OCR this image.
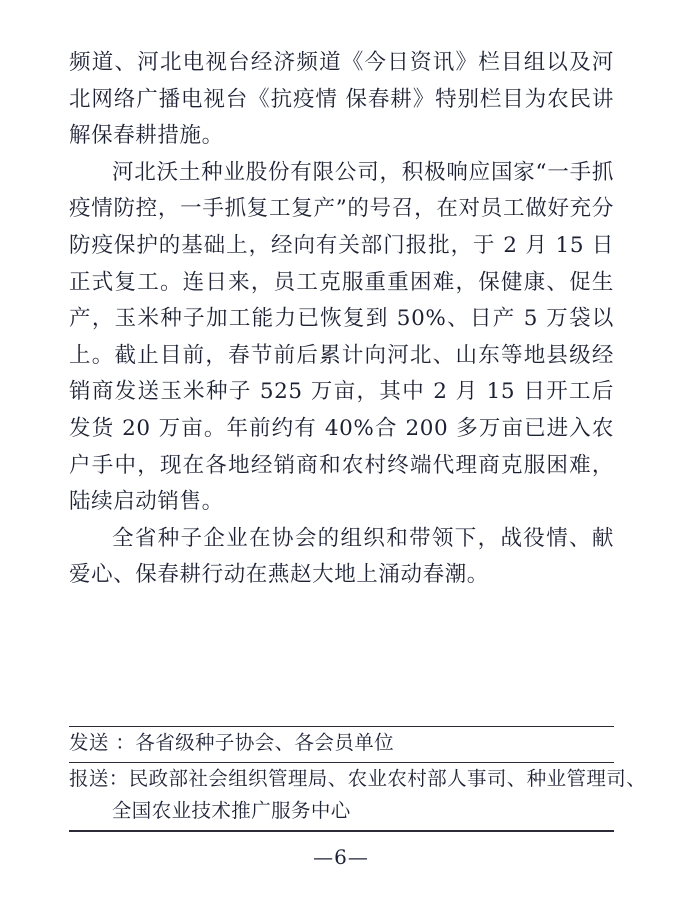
频道、河北电视台经济频道《今日资讯》栏目组以及河北网络广播电视台《抗疫情 保春耕》特别栏目为农民讲解保春耕措施。

河北沃土种业股份有限公司，积极响应国家“一手抓疫情防控，一手抓复工复产”的号召，在对员工做好充分防疫保护的基础上，经向有关部门报批，于 2 月 15 日正式复工。连日来，员工克服重重困难，保健康、促生产，玉米种子加工能力已恢复到 50%、日产 5 万袋以上。截止目前，春节前后累计向河北、山东等地县级经销商发送玉米种子 525 万亩，其中 2 月 15 日开工后发货 20 万亩。年前约有 40%合 200 多万亩已进入农户手中，现在各地经销商和农村终端代理商克服困难，陆续启动销售。

全省种子企业在协会的组织和带领下，战役情、献爱心、保春耕行动在燕赵大地上涌动春潮。

发送 ：各省级种子协会、各会员单位
报送：民政部社会组织管理局、农业农村部人事司、种业管理司、
全国农业技术推广服务中心
—6—
